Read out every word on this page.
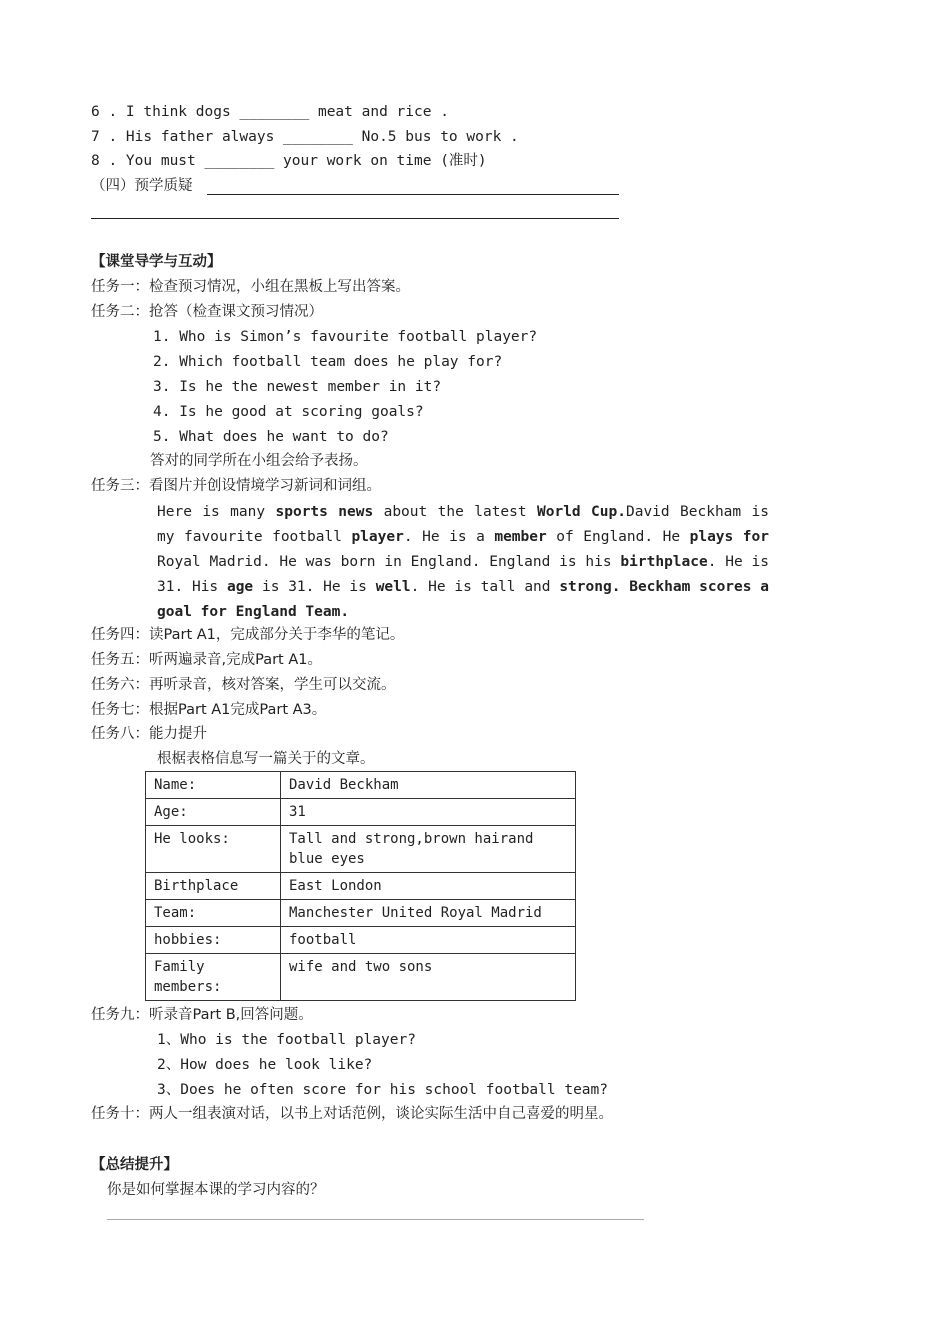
6 . I think dogs ________ meat and rice .
7 . His father always ________ No.5 bus to work .
8 . You must ________ your work on time (准时)
（四）预学质疑
【课堂导学与互动】
任务一：检查预习情况，小组在黑板上写出答案。
任务二：抢答（检查课文预习情况）
1. Who is Simon’s favourite football player?
2. Which football team does he play for?
3. Is he the newest member in it?
4. Is he good at scoring goals?
5. What does he want to do?
答对的同学所在小组会给予表扬。
任务三：看图片并创设情境学习新词和词组。
Here is many sports news about the latest World Cup.David Beckham is my favourite football player. He is a member of England. He plays for Royal Madrid. He was born in England. England is his birthplace. He is 31. His age is 31. He is well. He is tall and strong. Beckham scores a goal for England Team.
任务四：读Part A1，完成部分关于李华的笔记。
任务五：听两遍录音,完成Part A1。
任务六：再听录音，核对答案，学生可以交流。
任务七：根据Part A1完成Part A3。
任务八：能力提升
根椐表格信息写一篇关于的文章。
Name:	David Beckham
Age:	31
He looks:	Tall and strong,brown hairand blue eyes
Birthplace	East London
Team:	Manchester United Royal Madrid
hobbies:	football
Family members:	wife and two sons
任务九：听录音Part B,回答问题。
1、Who is the football player?
2、How does he look like?
3、Does he often score for his school football team?
任务十：两人一组表演对话，以书上对话范例，谈论实际生活中自己喜爱的明星。
【总结提升】
你是如何掌握本课的学习内容的？
